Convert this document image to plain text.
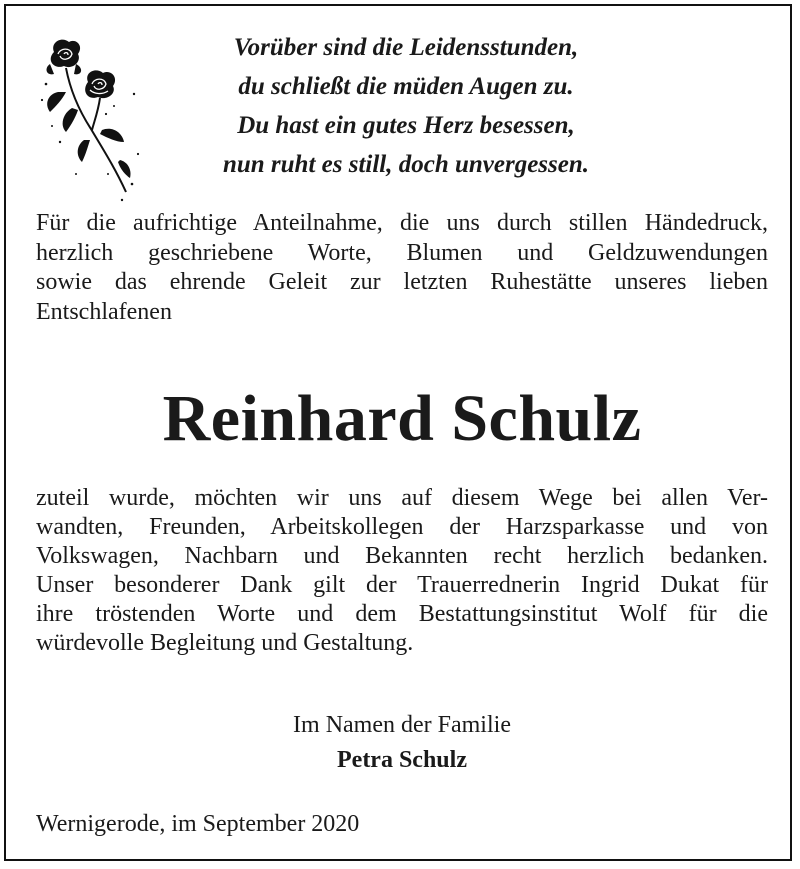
Vorüber sind die Leidensstunden,
du schließt die müden Augen zu.
Du hast ein gutes Herz besessen,
nun ruht es still, doch unvergessen.
Für die aufrichtige Anteilnahme, die uns durch stillen Händedruck,
herzlich geschriebene Worte, Blumen und Geldzuwendungen
sowie das ehrende Geleit zur letzten Ruhestätte unseres lieben
Entschlafenen
Reinhard Schulz
zuteil wurde, möchten wir uns auf diesem Wege bei allen Ver-
wandten, Freunden, Arbeitskollegen der Harzsparkasse und von
Volkswagen, Nachbarn und Bekannten recht herzlich bedanken.
Unser besonderer Dank gilt der Trauerrednerin Ingrid Dukat für
ihre tröstenden Worte und dem Bestattungsinstitut Wolf für die
würdevolle Begleitung und Gestaltung.
Im Namen der Familie
Petra Schulz
Wernigerode, im September 2020
